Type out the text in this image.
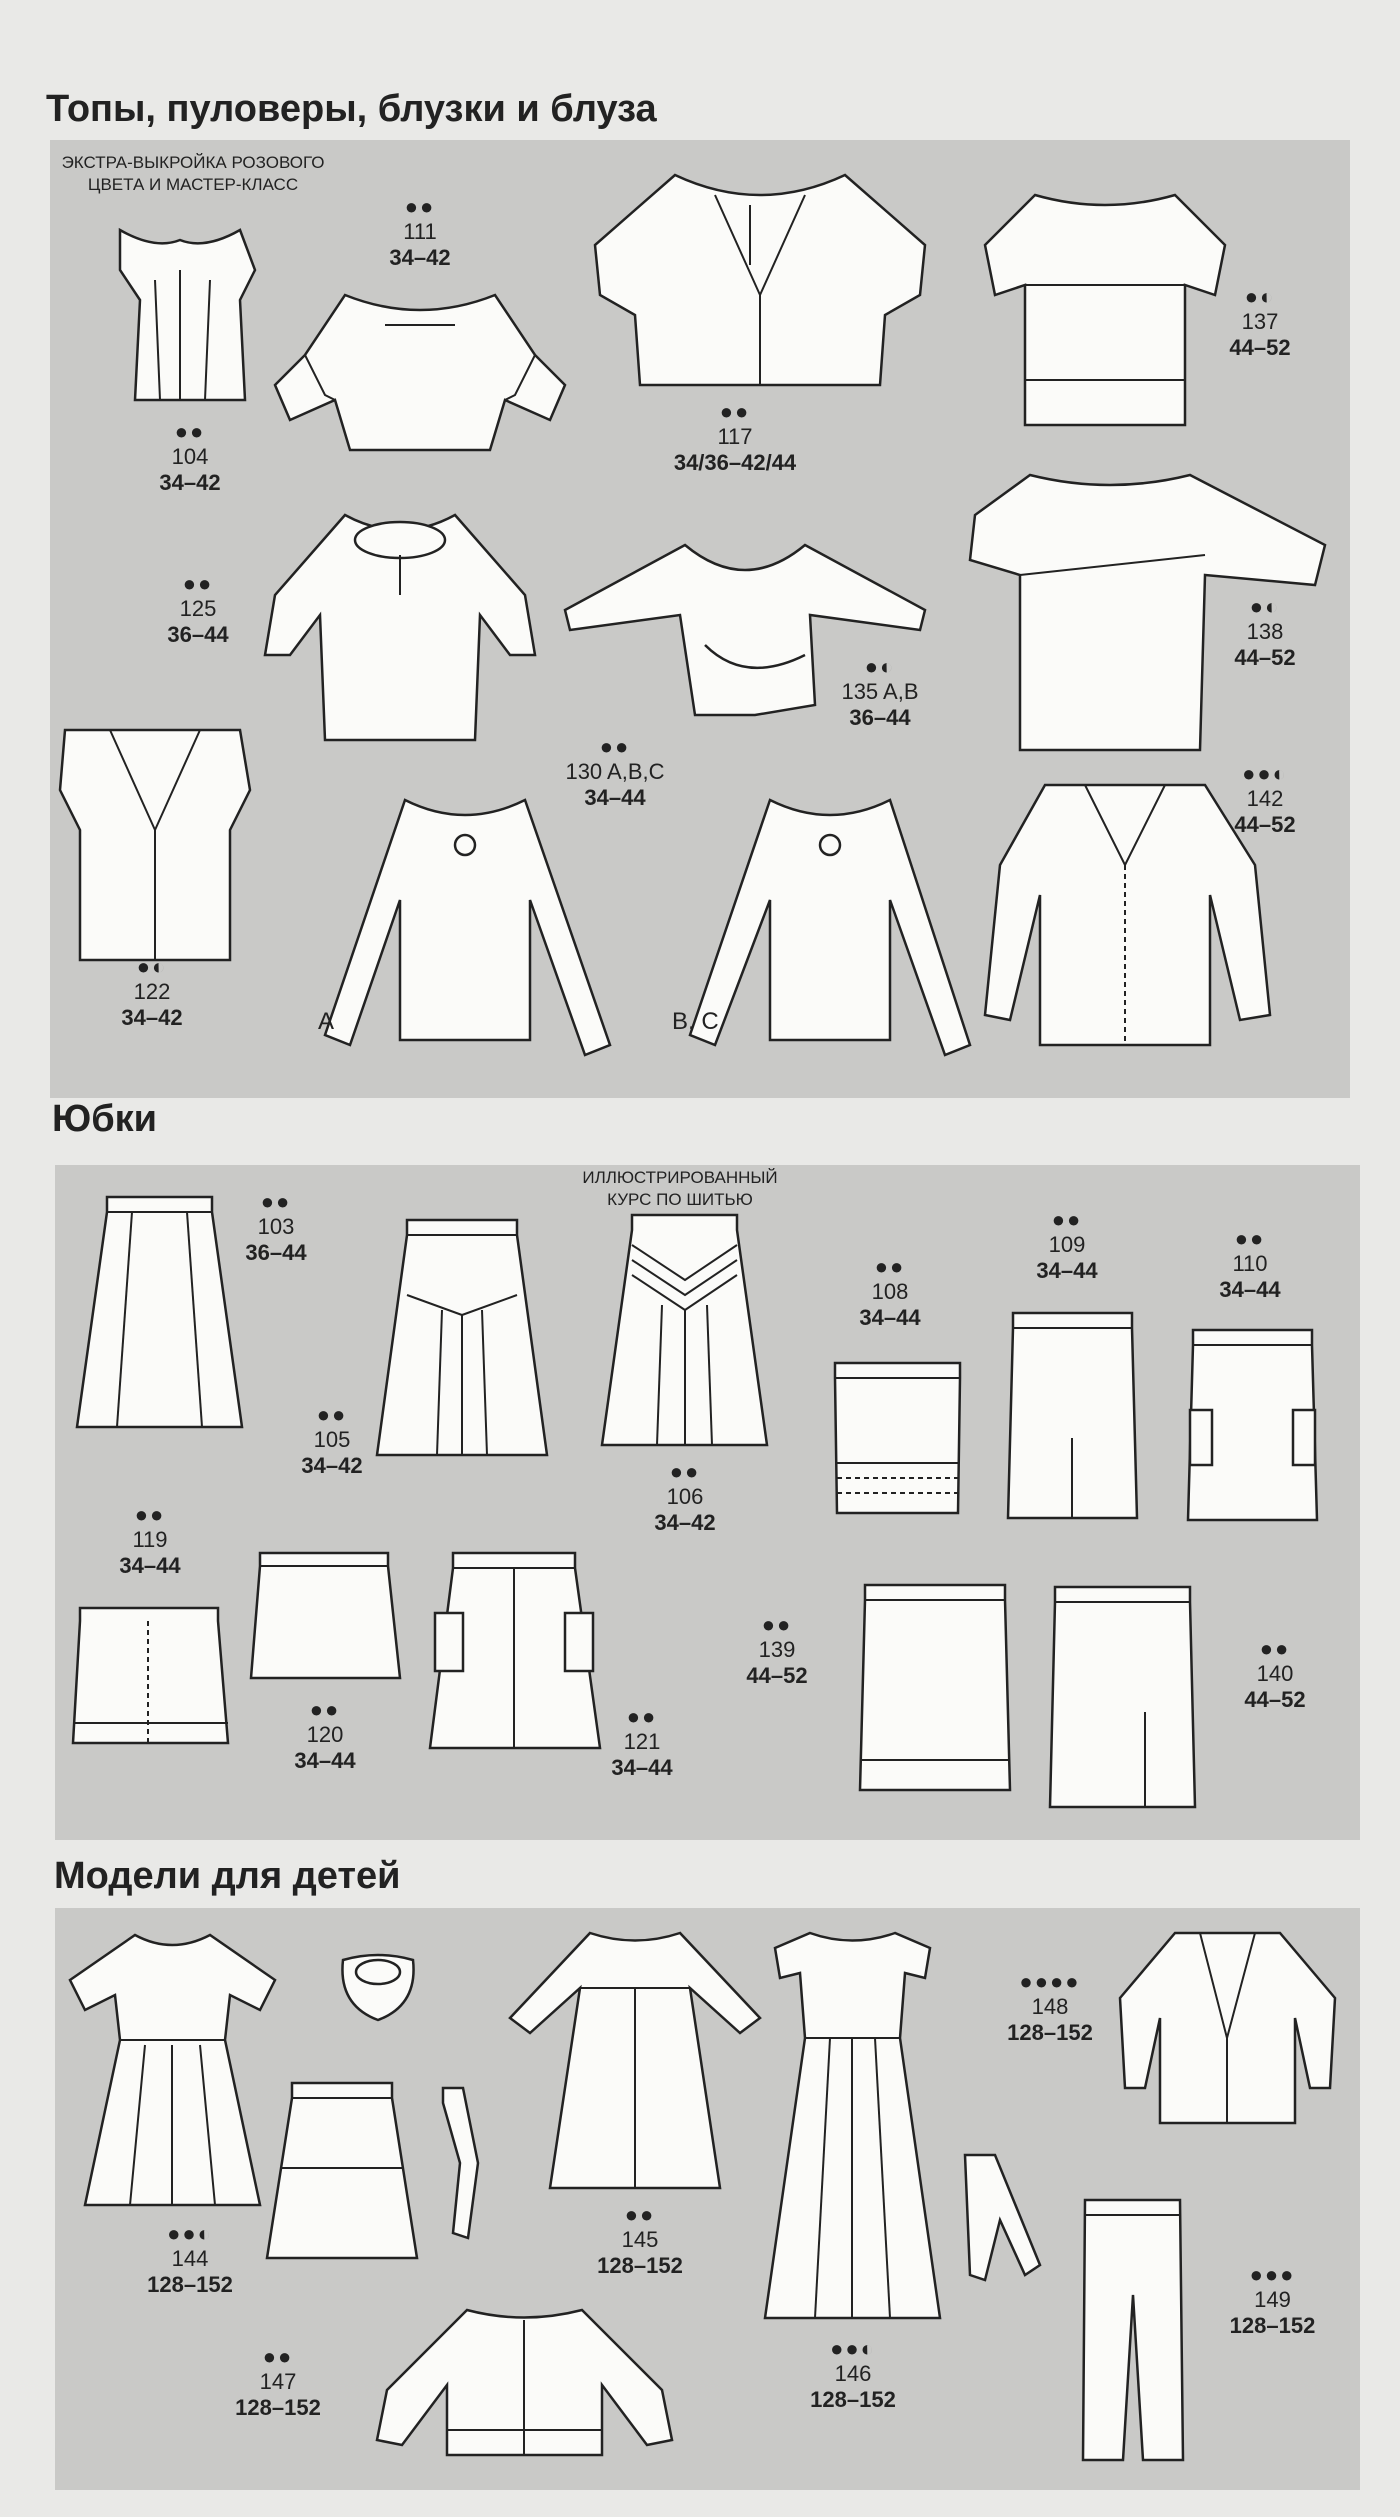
Топы, пуловеры, блузки и блуза
Юбки
Модели для детей
ЭКСТРА-ВЫКРОЙКА РОЗОВОГО
ЦВЕТА И МАСТЕР-КЛАСС
A	B, C
●●
104
34–42
●●
111
34–42
●●
117
34/36–42/44
●◐
137
44–52
●●
125
36–44
●◐
135 A,B
36–44
●◐
138
44–52
●●
130 A,B,C
34–44
●●◐
142
44–52
●◐
122
34–42
ИЛЛЮСТРИРОВАННЫЙ
КУРС ПО ШИТЬЮ
●●
103
36–44
●●
109
34–44
●●
110
34–44
●●
108
34–44
●●
105
34–42	●●
106
34–42
●●
119
34–44
●●
139
44–52
●●
140
44–52
●●
120
34–44
●●
121
34–44
●●●●
148
128–152
●●◐
144
128–152
●●
145
128–152	●●●
149
128–152
●●
147
128–152
●●◐
146
128–152
